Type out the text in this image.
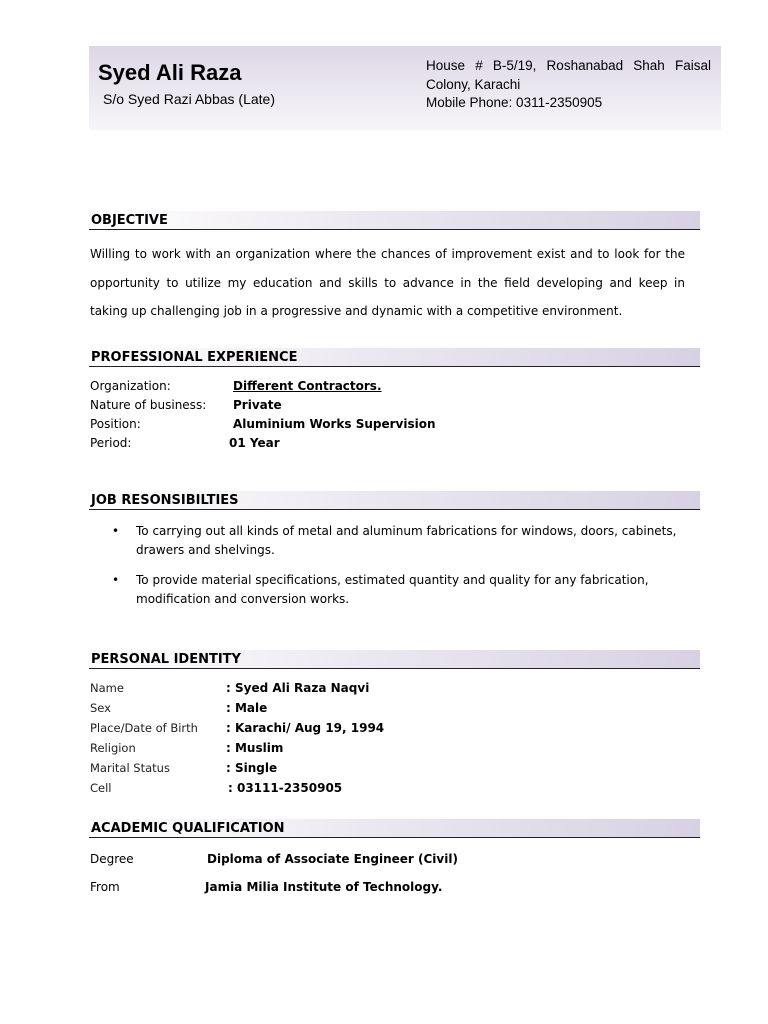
Syed Ali Raza
S/o Syed Razi Abbas (Late)
House # B-5/19, Roshanabad Shah Faisal
Colony, Karachi
Mobile Phone: 0311-2350905
OBJECTIVE
Willing to work with an organization where the chances of improvement exist and to look for the opportunity to utilize my education and skills to advance in the field developing and keep in taking up challenging job in a progressive and dynamic with a competitive environment.
PROFESSIONAL EXPERIENCE
Organization:	Different Contractors.
Nature of business: Private
Position:	Aluminium Works Supervision
Period:	01 Year
JOB RESONSIBILTIES
• To carrying out all kinds of metal and aluminum fabrications for windows, doors, cabinets, drawers and shelvings.
• To provide material specifications, estimated quantity and quality for any fabrication, modification and conversion works.
PERSONAL IDENTITY
Name	: Syed Ali Raza Naqvi
Sex	: Male
Place/Date of Birth : Karachi/ Aug 19, 1994
Religion	: Muslim
Marital Status	: Single
Cell	: 03111-2350905
ACADEMIC QUALIFICATION
Degree	Diploma of Associate Engineer (Civil)
From	Jamia Milia Institute of Technology.
